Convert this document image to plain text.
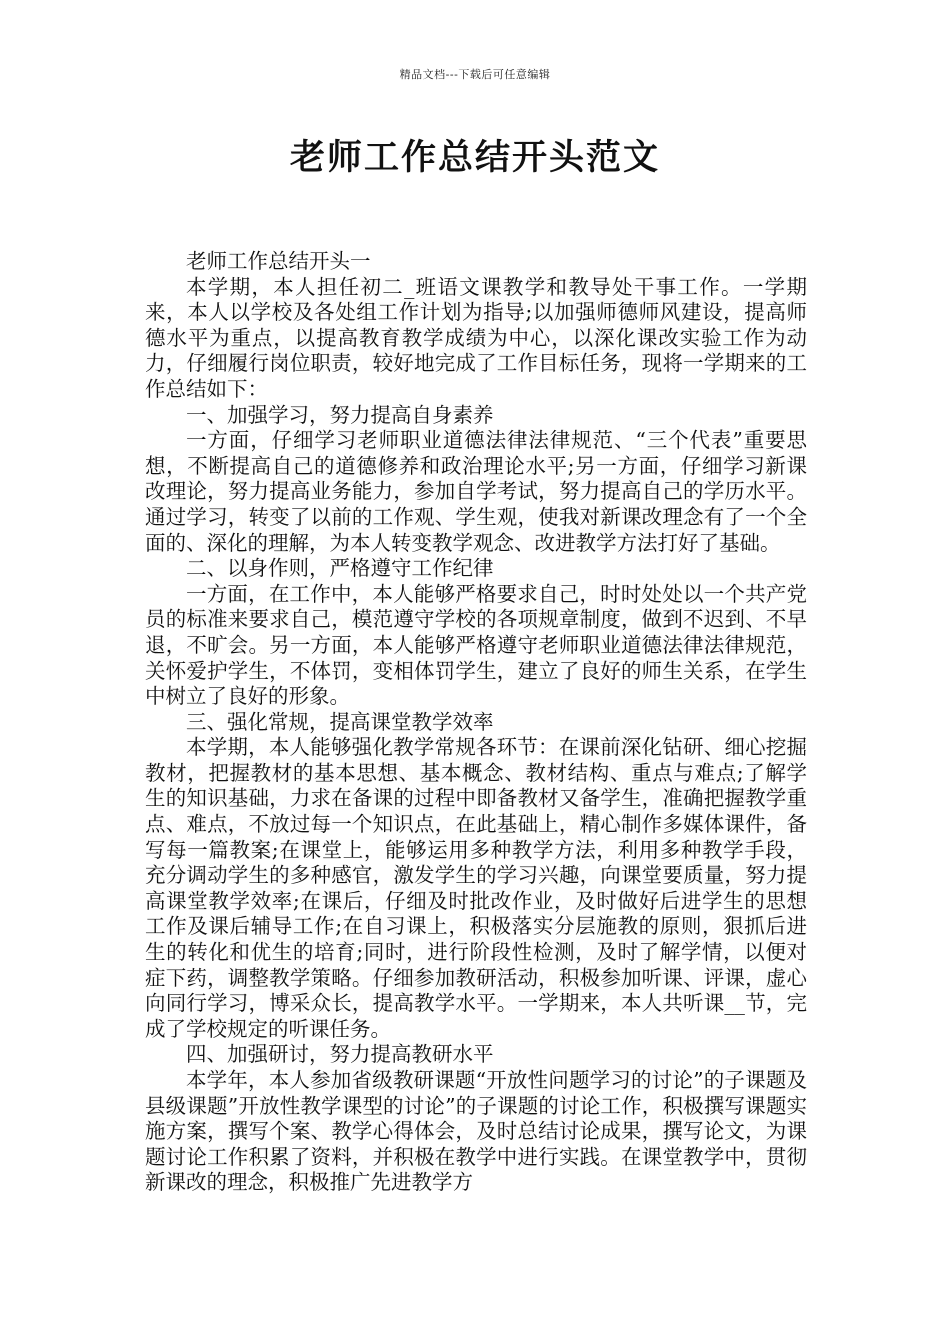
精品文档---下载后可任意编辑
老师工作总结开头范文

老师工作总结开头一

本学期，本人担任初二_班语文课教学和教导处干事工作。一学期来，本人以学校及各处组工作计划为指导;以加强师德师风建设，提高师德水平为重点，以提高教育教学成绩为中心，以深化课改实验工作为动力，仔细履行岗位职责，较好地完成了工作目标任务，现将一学期来的工作总结如下：

一、加强学习，努力提高自身素养

一方面，仔细学习老师职业道德法律法律规范、“三个代表”重要思想，不断提高自己的道德修养和政治理论水平;另一方面，仔细学习新课改理论，努力提高业务能力，参加自学考试，努力提高自己的学历水平。通过学习，转变了以前的工作观、学生观，使我对新课改理念有了一个全面的、深化的理解，为本人转变教学观念、改进教学方法打好了基础。

二、以身作则，严格遵守工作纪律

一方面，在工作中，本人能够严格要求自己，时时处处以一个共产党员的标准来要求自己，模范遵守学校的各项规章制度，做到不迟到、不早退，不旷会。另一方面，本人能够严格遵守老师职业道德法律法律规范，关怀爱护学生，不体罚，变相体罚学生，建立了良好的师生关系，在学生中树立了良好的形象。

三、强化常规，提高课堂教学效率

本学期，本人能够强化教学常规各环节：在课前深化钻研、细心挖掘教材，把握教材的基本思想、基本概念、教材结构、重点与难点;了解学生的知识基础，力求在备课的过程中即备教材又备学生，准确把握教学重点、难点，不放过每一个知识点，在此基础上，精心制作多媒体课件，备写每一篇教案;在课堂上，能够运用多种教学方法，利用多种教学手段，充分调动学生的多种感官，激发学生的学习兴趣，向课堂要质量，努力提高课堂教学效率;在课后，仔细及时批改作业，及时做好后进学生的思想工作及课后辅导工作;在自习课上，积极落实分层施教的原则，狠抓后进生的转化和优生的培育;同时，进行阶段性检测，及时了解学情，以便对症下药，调整教学策略。仔细参加教研活动，积极参加听课、评课，虚心向同行学习，博采众长，提高教学水平。一学期来，本人共听课__节，完成了学校规定的听课任务。

四、加强研讨，努力提高教研水平

本学年，本人参加省级教研课题“开放性问题学习的讨论”的子课题及县级课题”开放性教学课型的讨论”的子课题的讨论工作，积极撰写课题实施方案，撰写个案、教学心得体会，及时总结讨论成果，撰写论文，为课题讨论工作积累了资料，并积极在教学中进行实践。在课堂教学中，贯彻新课改的理念，积极推广先进教学方
